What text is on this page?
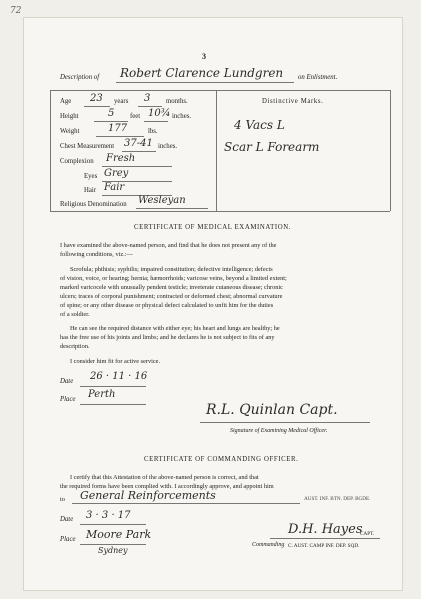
72
3
Description of Robert Clarence Lundgren on Enlistment.
Age 23 years 3 months.
Height	5 feet 10¾ inches.
Weight	177	lbs.
Chest Measurement 37-41 inches.
Complexion Fresh
Eyes Grey
Hair Fair
Religious Denomination Wesleyan
Distinctive Marks.
4 Vacs L
Scar L Forearm
CERTIFICATE OF MEDICAL EXAMINATION.
I have examined the above-named person, and find that he does not present any of the
following conditions, viz.:—
Scrofula; phthisis; syphilis; impaired constitution; defective intelligence; defects
of vision, voice, or hearing; hernia; hæmorrhoids; varicose veins, beyond a limited extent;
marked varicocele with unusually pendent testicle; inveterate cutaneous disease; chronic
ulcers; traces of corporal punishment; contracted or deformed chest; abnormal curvature
of spine; or any other disease or physical defect calculated to unfit him for the duties
of a soldier.
He can see the required distance with either eye; his heart and lungs are healthy; he
has the free use of his joints and limbs; and he declares he is not subject to fits of any
description.
I consider him fit for active service.
Date 26 · 11 · 16
Place Perth
R.L. Quinlan Capt.
Signature of Examining Medical Officer.
CERTIFICATE OF COMMANDING OFFICER.
I certify that this Attestation of the above-named person is correct, and that
the required forms have been complied with. I accordingly approve, and appoint him
to General Reinforcements	AUST. INF. BTN. DEP. BGDE.
Date 3 · 3 · 17
Place Moore Park
Sydney
D.H. Hayes
CAPT.
Commanding C. AUST. CAMP INF. DEP. SQD.
